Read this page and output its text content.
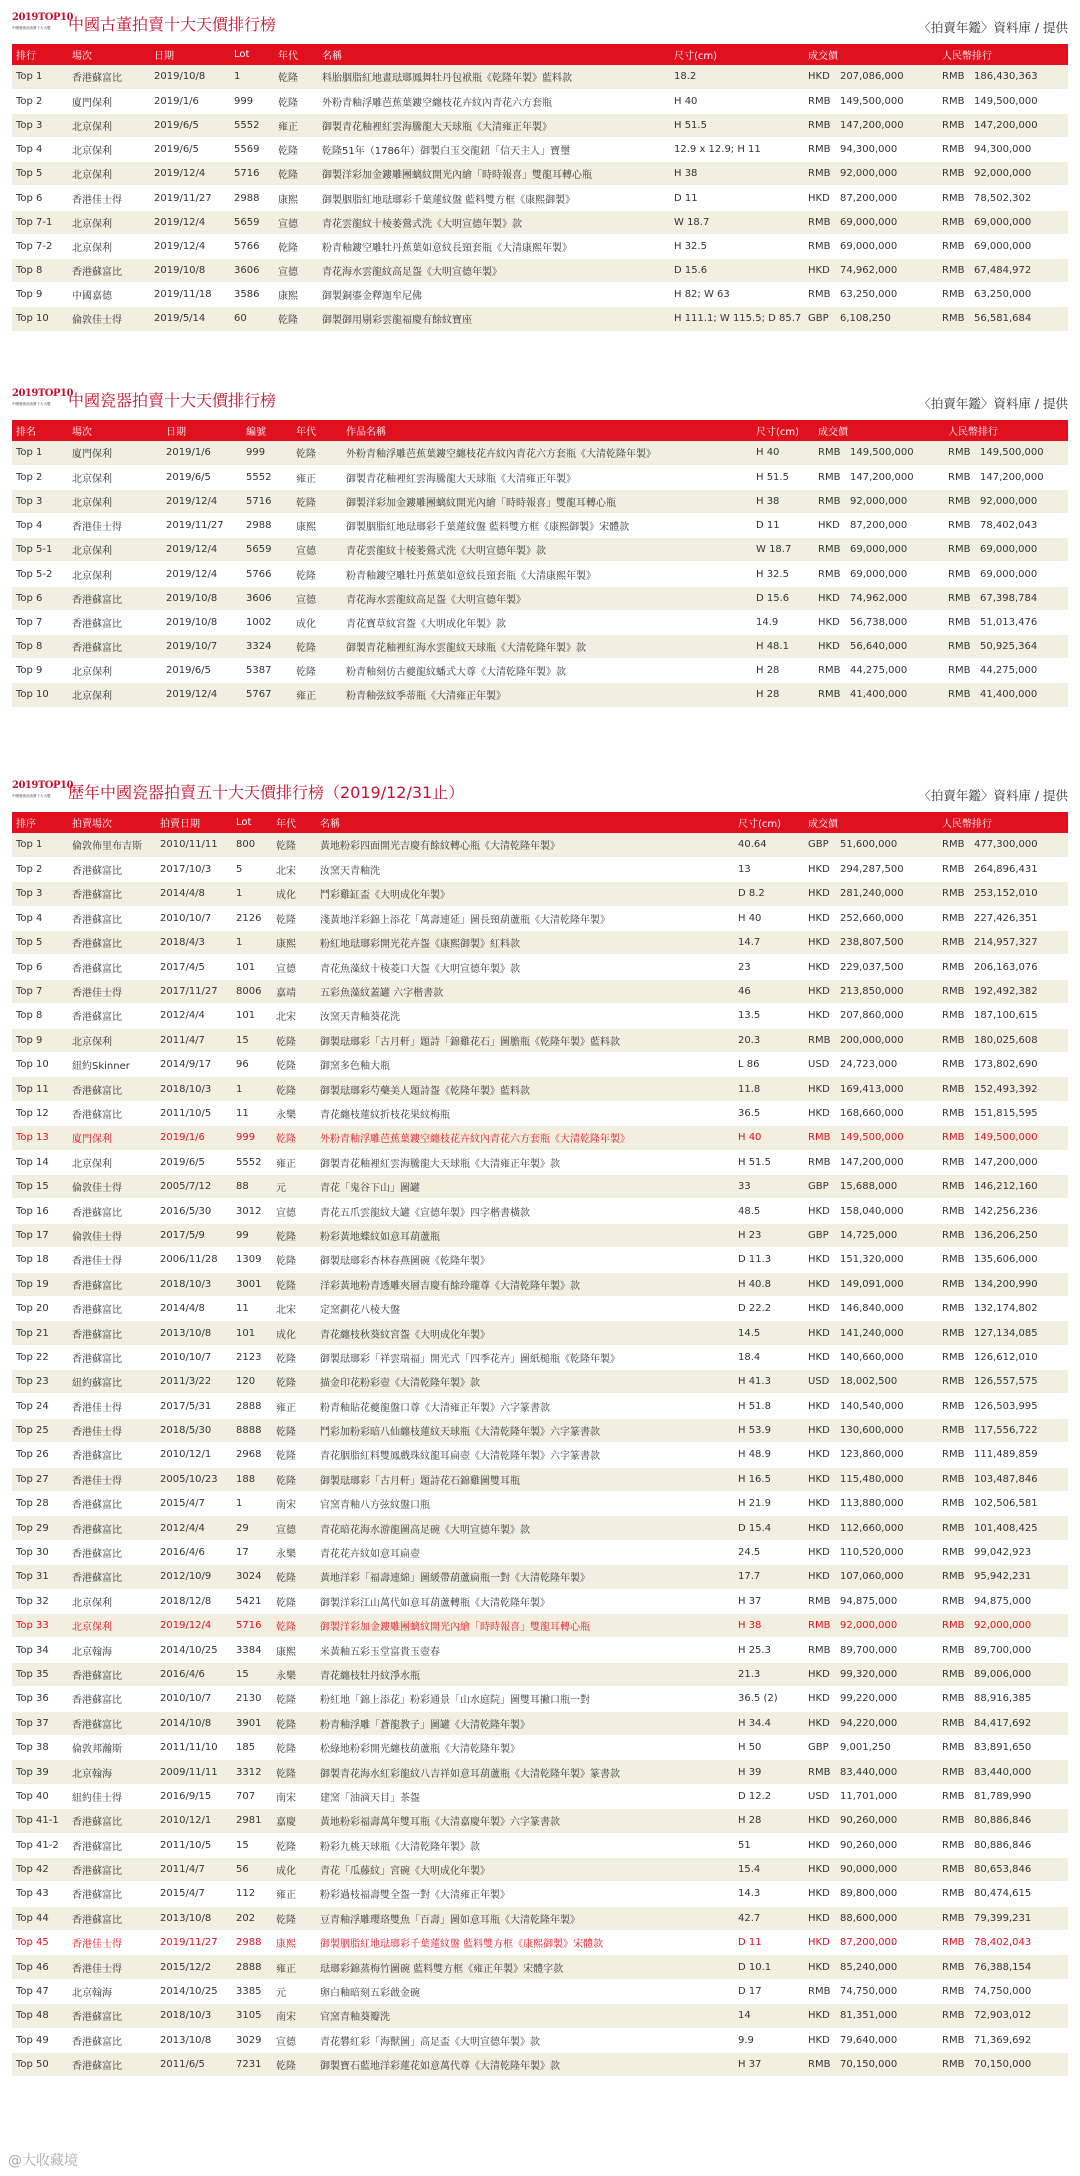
2019TOP10
中國藝術品拍賣十大天價	中國古董拍賣十大天價排行榜	〈拍賣年鑑〉資料庫 / 提供
排行	場次	日期	Lot	年代	名稱	尺寸(cm)	成交價	人民幣排行
Top 1	香港蘇富比	2019/10/8	1	乾隆	料胎胭脂紅地畫琺瑯鳳舞牡丹包袱瓶《乾隆年製》藍料款	18.2	HKD 207,086,000	RMB 186,430,363
Top 2	廈門保利	2019/1/6	999	乾隆	外粉青釉浮雕芭蕉葉鏤空纏枝花卉紋內青花六方套瓶	H 40	RMB 149,500,000	RMB 149,500,000
Top 3	北京保利	2019/6/5	5552	雍正	御製青花釉裡紅雲海騰龍大天球瓶《大清雍正年製》	H 51.5	RMB 147,200,000	RMB 147,200,000
Top 4	北京保利	2019/6/5	5569	乾隆	乾隆51年（1786年）御製白玉交龍鈕「信天主人」寶璽	12.9 x 12.9; H 11	RMB 94,300,000	RMB 94,300,000
Top 5	北京保利	2019/12/4	5716	乾隆	御製洋彩加金鏤雕團螭紋開光內繪「時時報喜」雙龍耳轉心瓶	H 38	RMB 92,000,000	RMB 92,000,000
Top 6	香港佳士得	2019/11/27	2988	康熙	御製胭脂紅地琺瑯彩千葉蓮紋盤 藍料雙方框《康熙御製》	D 11	HKD 87,200,000	RMB 78,502,302
Top 7-1	北京保利	2019/12/4	5659	宣德	青花雲龍紋十棱萎鶯式洗《大明宣德年製》款	W 18.7	RMB 69,000,000	RMB 69,000,000
Top 7-2	北京保利	2019/12/4	5766	乾隆	粉青釉鏤空雕牡丹蕉葉如意紋長頸套瓶《大清康熙年製》	H 32.5	RMB 69,000,000	RMB 69,000,000
Top 8	香港蘇富比	2019/10/8	3606	宣德	青花海水雲龍紋高足盌《大明宣德年製》	D 15.6	HKD 74,962,000	RMB 67,484,972
Top 9	中國嘉德	2019/11/18	3586	康熙	御製銅鎏金釋迦牟尼佛	H 82; W 63	RMB 63,250,000	RMB 63,250,000
Top 10	倫敦佳士得	2019/5/14	60	乾隆	御製御用剔彩雲龍福慶有餘紋寶座	H 111.1; W 115.5; D 85.7	GBP 6,108,250	RMB 56,581,684
2019TOP10
中國藝術品拍賣十大天價	中國瓷器拍賣十大天價排行榜	〈拍賣年鑑〉資料庫 / 提供
排名	場次	日期	編號	年代	作品名稱	尺寸(cm)	成交價	人民幣排行
Top 1	廈門保利	2019/1/6	999	乾隆	外粉青釉浮雕芭蕉葉鏤空纏枝花卉紋內青花六方套瓶《大清乾隆年製》	H 40	RMB 149,500,000	RMB 149,500,000
Top 2	北京保利	2019/6/5	5552	雍正	御製青花釉裡紅雲海騰龍大天球瓶《大清雍正年製》	H 51.5	RMB 147,200,000	RMB 147,200,000
Top 3	北京保利	2019/12/4	5716	乾隆	御製洋彩加金鏤雕團螭紋開光內繪「時時報喜」雙龍耳轉心瓶	H 38	RMB 92,000,000	RMB 92,000,000
Top 4	香港佳士得	2019/11/27	2988	康熙	御製胭脂紅地琺瑯彩千葉蓮紋盤 藍料雙方框《康熙御製》宋體款	D 11	HKD 87,200,000	RMB 78,402,043
Top 5-1	北京保利	2019/12/4	5659	宣德	青花雲龍紋十棱萎鶯式洗《大明宣德年製》款	W 18.7	RMB 69,000,000	RMB 69,000,000
Top 5-2	北京保利	2019/12/4	5766	乾隆	粉青釉鏤空雕牡丹蕉葉如意紋長頸套瓶《大清康熙年製》	H 32.5	RMB 69,000,000	RMB 69,000,000
Top 6	香港蘇富比	2019/10/8	3606	宣德	青花海水雲龍紋高足盌《大明宣德年製》	D 15.6	HKD 74,962,000	RMB 67,398,784
Top 7	香港蘇富比	2019/10/8	1002	成化	青花寶草紋宮盌《大明成化年製》款	14.9	HKD 56,738,000	RMB 51,013,476
Top 8	香港蘇富比	2019/10/7	3324	乾隆	御製青花釉裡紅海水雲龍紋天球瓶《大清乾隆年製》款	H 48.1	HKD 56,640,000	RMB 50,925,364
Top 9	北京保利	2019/6/5	5387	乾隆	粉青釉刻仿古夔龍紋蟠式大尊《大清乾隆年製》款	H 28	RMB 44,275,000	RMB 44,275,000
Top 10	北京保利	2019/12/4	5767	雍正	粉青釉弦紋季蒂瓶《大清雍正年製》	H 28	RMB 41,400,000	RMB 41,400,000
2019TOP10
中國藝術品拍賣十大天價	歷年中國瓷器拍賣五十大天價排行榜（2019/12/31止）	〈拍賣年鑑〉資料庫 / 提供
排序	拍賣場次	拍賣日期	Lot	年代	名稱	尺寸(cm)	成交價	人民幣排行
Top 1	倫敦佈里布吉斯	2010/11/11	800	乾隆	黃地粉彩四面開光吉慶有餘紋轉心瓶《大清乾隆年製》	40.64	GBP 51,600,000	RMB 477,300,000
Top 2	香港蘇富比	2017/10/3	5	北宋	汝窯天青釉洗	13	HKD 294,287,500	RMB 264,896,431
Top 3	香港蘇富比	2014/4/8	1	成化	鬥彩雞缸盃《大明成化年製》	D 8.2	HKD 281,240,000	RMB 253,152,010
Top 4	香港蘇富比	2010/10/7	2126	乾隆	淺黃地洋彩錦上添花「萬壽連延」圖長頸葫蘆瓶《大清乾隆年製》	H 40	HKD 252,660,000	RMB 227,426,351
Top 5	香港蘇富比	2018/4/3	1	康熙	粉紅地琺瑯彩開光花卉盌《康熙御製》紅料款	14.7	HKD 238,807,500	RMB 214,957,327
Top 6	香港蘇富比	2017/4/5	101	宣德	青花魚藻紋十棱菱口大盌《大明宣德年製》款	23	HKD 229,037,500	RMB 206,163,076
Top 7	香港佳士得	2017/11/27	8006	嘉靖	五彩魚藻紋蓋罐 六字楷書款	46	HKD 213,850,000	RMB 192,492,382
Top 8	香港蘇富比	2012/4/4	101	北宋	汝窯天青釉葵花洗	13.5	HKD 207,860,000	RMB 187,100,615
Top 9	北京保利	2011/4/7	15	乾隆	御製琺瑯彩「古月軒」題詩「錦雞花石」圖膽瓶《乾隆年製》藍料款	20.3	RMB 200,000,000	RMB 180,025,608
Top 10	紐約Skinner	2014/9/17	96	乾隆	御窯多色釉大瓶	L 86	USD 24,723,000	RMB 173,802,690
Top 11	香港蘇富比	2018/10/3	1	乾隆	御製琺瑯彩芍藥美人題詩盌《乾隆年製》藍料款	11.8	HKD 169,413,000	RMB 152,493,392
Top 12	香港蘇富比	2011/10/5	11	永樂	青花纏枝蓮紋折枝花果紋梅瓶	36.5	HKD 168,660,000	RMB 151,815,595
Top 13	廈門保利	2019/1/6	999	乾隆	外粉青釉浮雕芭蕉葉鏤空纏枝花卉紋內青花六方套瓶《大清乾隆年製》	H 40	RMB 149,500,000	RMB 149,500,000
Top 14	北京保利	2019/6/5	5552	雍正	御製青花釉裡紅雲海騰龍大天球瓶《大清雍正年製》款	H 51.5	RMB 147,200,000	RMB 147,200,000
Top 15	倫敦佳士得	2005/7/12	88	元	青花「鬼谷下山」圖罐	33	GBP 15,688,000	RMB 146,212,160
Top 16	香港蘇富比	2016/5/30	3012	宣德	青花五爪雲龍紋大罐《宣德年製》四字楷書橫款	48.5	HKD 158,040,000	RMB 142,256,236
Top 17	倫敦佳士得	2017/5/9	99	乾隆	粉彩黃地蝶紋如意耳葫蘆瓶	H 23	GBP 14,725,000	RMB 136,206,250
Top 18	香港佳士得	2006/11/28	1309	乾隆	御製琺瑯彩杏林春燕圖碗《乾隆年製》	D 11.3	HKD 151,320,000	RMB 135,606,000
Top 19	香港蘇富比	2018/10/3	3001	乾隆	洋彩黃地粉青透雕夾層吉慶有餘玲瓏尊《大清乾隆年製》款	H 40.8	HKD 149,091,000	RMB 134,200,990
Top 20	香港蘇富比	2014/4/8	11	北宋	定窯劃花八棱大盤	D 22.2	HKD 146,840,000	RMB 132,174,802
Top 21	香港蘇富比	2013/10/8	101	成化	青花纏枝秋葵紋宮盌《大明成化年製》	14.5	HKD 141,240,000	RMB 127,134,085
Top 22	香港蘇富比	2010/10/7	2123	乾隆	御製琺瑯彩「祥雲瑞福」開光式「四季花卉」圖紙槌瓶《乾隆年製》	18.4	HKD 140,660,000	RMB 126,612,010
Top 23	紐約蘇富比	2011/3/22	120	乾隆	描金印花粉彩壺《大清乾隆年製》款	H 41.3	USD 18,002,500	RMB 126,557,575
Top 24	香港佳士得	2017/5/31	2888	雍正	粉青釉貼花夔龍盤口尊《大清雍正年製》六字篆書款	H 51.8	HKD 140,540,000	RMB 126,503,995
Top 25	香港佳士得	2018/5/30	8888	乾隆	鬥彩加粉彩暗八仙纏枝蓮紋天球瓶《大清乾隆年製》六字篆書款	H 53.9	HKD 130,600,000	RMB 117,556,722
Top 26	香港蘇富比	2010/12/1	2968	乾隆	青花胭脂紅料雙鳳戲珠紋龍耳扁壺《大清乾隆年製》六字篆書款	H 48.9	HKD 123,860,000	RMB 111,489,859
Top 27	香港佳士得	2005/10/23	188	乾隆	御製琺瑯彩「古月軒」題詩花石錦雞圖雙耳瓶	H 16.5	HKD 115,480,000	RMB 103,487,846
Top 28	香港蘇富比	2015/4/7	1	南宋	官窯青釉八方弦紋盤口瓶	H 21.9	HKD 113,880,000	RMB 102,506,581
Top 29	香港蘇富比	2012/4/4	29	宣德	青花暗花海水游龍圖高足碗《大明宣德年製》款	D 15.4	HKD 112,660,000	RMB 101,408,425
Top 30	香港蘇富比	2016/4/6	17	永樂	青花花卉紋如意耳扁壺	24.5	HKD 110,520,000	RMB 99,042,923
Top 31	香港蘇富比	2012/10/9	3024	乾隆	黃地洋彩「福壽連綿」圖緩帶葫蘆扁瓶一對《大清乾隆年製》	17.7	HKD 107,060,000	RMB 95,942,231
Top 32	北京保利	2018/12/8	5421	乾隆	御製洋彩江山萬代如意耳葫蘆轉瓶《大清乾隆年製》	H 37	RMB 94,875,000	RMB 94,875,000
Top 33	北京保利	2019/12/4	5716	乾隆	御製洋彩加金鏤雕團螭紋開光內繪「時時報喜」雙龍耳轉心瓶	H 38	RMB 92,000,000	RMB 92,000,000
Top 34	北京翰海	2014/10/25	3384	康熙	米黃釉五彩玉堂富貴玉壺春	H 25.3	RMB 89,700,000	RMB 89,700,000
Top 35	香港蘇富比	2016/4/6	15	永樂	青花纏枝牡丹紋淨水瓶	21.3	HKD 99,320,000	RMB 89,006,000
Top 36	香港蘇富比	2010/10/7	2130	乾隆	粉紅地「錦上添花」粉彩通景「山水庭院」圖雙耳撇口瓶一對	36.5 (2)	HKD 99,220,000	RMB 88,916,385
Top 37	香港蘇富比	2014/10/8	3901	乾隆	粉青釉浮雕「蒼龍教子」圖罐《大清乾隆年製》	H 34.4	HKD 94,220,000	RMB 84,417,692
Top 38	倫敦邦瀚斯	2011/11/10	185	乾隆	松綠地粉彩開光纏枝葫蘆瓶《大清乾隆年製》	H 50	GBP 9,001,250	RMB 83,891,650
Top 39	北京翰海	2009/11/11	3312	乾隆	御製青花海水紅彩龍紋八吉祥如意耳葫蘆瓶《大清乾隆年製》篆書款	H 39	RMB 83,440,000	RMB 83,440,000
Top 40	紐約佳士得	2016/9/15	707	南宋	建窯「油滴天目」茶盌	D 12.2	USD 11,701,000	RMB 81,789,990
Top 41-1	香港蘇富比	2010/12/1	2981	嘉慶	黃地粉彩福壽萬年雙耳瓶《大清嘉慶年製》六字篆書款	H 28	HKD 90,260,000	RMB 80,886,846
Top 41-2	香港蘇富比	2011/10/5	15	乾隆	粉彩九桃天球瓶《大清乾隆年製》款	51	HKD 90,260,000	RMB 80,886,846
Top 42	香港蘇富比	2011/4/7	56	成化	青花「瓜藤紋」宮碗《大明成化年製》	15.4	HKD 90,000,000	RMB 80,653,846
Top 43	香港蘇富比	2015/4/7	112	雍正	粉彩過枝福壽雙全盌一對《大清雍正年製》	14.3	HKD 89,800,000	RMB 80,474,615
Top 44	香港蘇富比	2013/10/8	202	乾隆	豆青釉浮雕瓔珞雙魚「百壽」圖如意耳瓶《大清乾隆年製》	42.7	HKD 88,600,000	RMB 79,399,231
Top 45	香港佳士得	2019/11/27	2988	康熙	御製胭脂紅地琺瑯彩千葉蓮紋盤 藍料雙方框《康熙御製》宋體款	D 11	HKD 87,200,000	RMB 78,402,043
Top 46	香港佳士得	2015/12/2	2888	雍正	琺瑯彩錦蒸梅竹圖碗 藍料雙方框《雍正年製》宋體字款	D 10.1	HKD 85,240,000	RMB 76,388,154
Top 47	北京翰海	2014/10/25	3385	元	卵白釉暗刻五彩戧金碗	D 17	RMB 74,750,000	RMB 74,750,000
Top 48	香港蘇富比	2018/10/3	3105	南宋	官窯青釉葵瓣洗	14	HKD 81,351,000	RMB 72,903,012
Top 49	香港蘇富比	2013/10/8	3029	宣德	青花礬紅彩「海獸圖」高足盃《大明宣德年製》款	9.9	HKD 79,640,000	RMB 71,369,692
Top 50	香港蘇富比	2011/6/5	7231	乾隆	御製寶石藍地洋彩蓮花如意萬代尊《大清乾隆年製》款	H 37	RMB 70,150,000	RMB 70,150,000
@大收藏境
